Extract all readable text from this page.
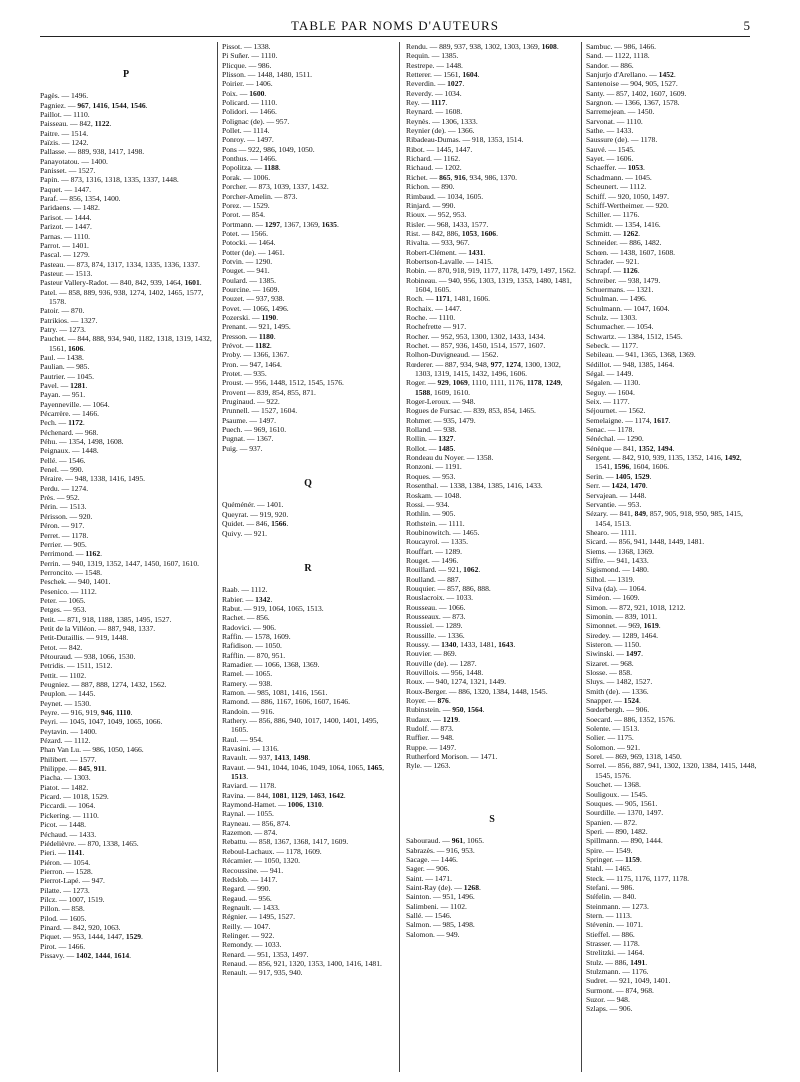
TABLE PAR NOMS D'AUTEURS	5
P
Pagès. — 1496.
Pagniez. — 967, 1416, 1544, 1546.
Paillot. — 1110.
Paisseau. — 842, 1122.
Paitre. — 1514.
Païzis. — 1242.
Pallasse. — 889, 938, 1417, 1498.
Panayotatou. — 1400.
Panisset. — 1527.
Papin. — 873, 1316, 1318, 1335, 1337, 1448.
Paquet. — 1447.
Paraf. — 856, 1354, 1400.
Paridaens. — 1482.
Parisot. — 1444.
Parizot. — 1447.
Parnas. — 1110.
Parrot. — 1401.
Pascal. — 1279.
Pasteau. — 873, 874, 1317, 1334, 1335, 1336, 1337.
Pasteur. — 1513.
Pasteur Vallery-Radot. — 840, 842, 939, 1464, 1601.
Patel. — 858, 889, 936, 938, 1274, 1402, 1465, 1577, 1578.
Patoir. — 870.
Patrikios. — 1327.
Patry. — 1273.
Pauchet. — 844, 888, 934, 940, 1182, 1318, 1319, 1432, 1561, 1606.
Paul. — 1438.
Paulian. — 985.
Pautrier. — 1045.
Pavel. — 1281.
Payan. — 951.
Payenneville. — 1064.
Pécarrère. — 1466.
Pech. — 1172.
Péchenard. — 968.
Péhu. — 1354, 1498, 1608.
Peignaux. — 1448.
Pellé. — 1546.
Penel. — 990.
Péraire. — 948, 1338, 1416, 1495.
Perdu. — 1274.
Près. — 952.
Périn. — 1513.
Périsson. — 920.
Péron. — 917.
Perret. — 1178.
Perrier. — 905.
Perrimond. — 1162.
Perrin. — 940, 1319, 1352, 1447, 1450, 1607, 1610.
Perroncito. — 1548.
Peschek. — 940, 1401.
Pesenico. — 1112.
Peter. — 1065.
Petges. — 953.
Petit. — 871, 918, 1188, 1385, 1495, 1527.
Petit de la Villéon. — 887, 948, 1337.
Petit-Dutaillis. — 919, 1448.
Petot. — 842.
Pétouraud. — 938, 1066, 1530.
Petridis. — 1511, 1512.
Pettit. — 1102.
Peugniez. — 887, 888, 1274, 1432, 1562.
Peuplon. — 1445.
Peynet. — 1530.
Peyre. — 916, 919, 946, 1110.
Peyri. — 1045, 1047, 1049, 1065, 1066.
Peytavin. — 1400.
Pézard. — 1112.
Phan Van Lu. — 986, 1050, 1466.
Philibert. — 1577.
Philippe. — 845, 911.
Piacha. — 1303.
Piatot. — 1482.
Picard. — 1018, 1529.
Piccardi. — 1064.
Pickering. — 1110.
Picot. — 1448.
Péchaud. — 1433.
Piédelièvre. — 870, 1338, 1465.
Pieri. — 1141.
Piéron. — 1054.
Pierron. — 1528.
Pierrot-Lapé. — 947.
Pilatte. — 1273.
Pilcz. — 1007, 1519.
Pillon. — 858.
Pilod. — 1605.
Pinard. — 842, 920, 1063.
Piquet. — 953, 1444, 1447, 1529.
Pirot. — 1466.
Pissavy. — 1402, 1444, 1614.
Pissot. — 1338.
Pi Suñer. — 1110.
Plicque. — 986.
Plisson. — 1448, 1480, 1511.
Poirier. — 1406.
Poix. — 1600.
Policard. — 1110.
Polidori. — 1466.
Polignac (de). — 957.
Pollet. — 1114.
Ponroy. — 1497.
Pons — 922, 986, 1049, 1050.
Ponthus. — 1466.
Popolitza. — 1188.
Porak. — 1006.
Porcher. — 873, 1039, 1337, 1432.
Porcher-Amelin. — 873.
Porez. — 1529.
Porot. — 854.
Portmann. — 1297, 1367, 1369, 1635.
Potet. — 1566.
Potocki. — 1464.
Potter (de). — 1461.
Potvin. — 1290.
Pouget. — 941.
Poulard. — 1385.
Pourcine. — 1609.
Pouzet. — 937, 938.
Povet. — 1066, 1496.
Pozerski. — 1190.
Prenant. — 921, 1495.
Presson. — 1180.
Prévot. — 1182.
Proby. — 1366, 1367.
Pron. — 947, 1464.
Protet. — 935.
Proust. — 956, 1448, 1512, 1545, 1576.
Provent — 839, 854, 855, 871.
Pruginaud. — 922.
Prunnell. — 1527, 1604.
Psaume. — 1497.
Puech. — 969, 1610.
Pugnat. — 1367.
Puig. — 937.
Q
Quéménér. — 1401.
Queyrat. — 919, 920.
Quidet. — 846, 1566.
Quivy. — 921.
R
Raab. — 1112.
Rabier. — 1342.
Rabut. — 919, 1064, 1065, 1513.
Rachet. — 856.
Radovici. — 906.
Raffin. — 1578, 1609.
Rafidison. — 1050.
Rafflin. — 870, 951.
Ramadier. — 1066, 1368, 1369.
Ramel. — 1065.
Ramery. — 938.
Ramon. — 985, 1081, 1416, 1561.
Ramond. — 886, 1167, 1606, 1607, 1646.
Randoin. — 916.
Rathery. — 856, 886, 940, 1017, 1400, 1401, 1495, 1605.
Raul. — 954.
Ravasini. — 1316.
Ravault. — 937, 1413, 1498.
Ravaut. — 941, 1044, 1046, 1049, 1064, 1065, 1465, 1513.
Raviard. — 1178.
Ravina. — 844, 1081, 1129, 1463, 1642.
Raymond-Hamet. — 1006, 1310.
Raynal. — 1055.
Rayneau. — 856, 874.
Razemon. — 874.
Rebattu. — 858, 1367, 1368, 1417, 1609.
Reboul-Lachaux. — 1178, 1609.
Récamier. — 1050, 1320.
Recoussine. — 941.
Redslob. — 1417.
Regard. — 990.
Regaud. — 956.
Regnault. — 1433.
Régnier. — 1495, 1527.
Reilly. — 1047.
Relinger. — 922.
Remondy. — 1033.
Renard. — 951, 1353, 1497.
Renaud. — 856, 921, 1320, 1353, 1400, 1416, 1481.
Renault. — 917, 935, 940.
Rendu. — 889, 937, 938, 1302, 1303, 1369, 1608.
Requin. — 1385.
Restrepe. — 1448.
Retterer. — 1561, 1604.
Reverdin. — 1027.
Reverdy. — 1034.
Rey. — 1117.
Reynard. — 1608.
Reynès. — 1306, 1333.
Reynier (de). — 1366.
Ribadeau-Dumas. — 918, 1353, 1514.
Ribot. — 1445, 1447.
Richard. — 1162.
Richaud. — 1202.
Richet. — 865, 916, 934, 986, 1370.
Richon. — 890.
Rimbaud. — 1034, 1605.
Rinjard. — 990.
Rioux. — 952, 953.
Risler. — 968, 1433, 1577.
Rist. — 842, 886, 1053, 1606.
Rivalta. — 933, 967.
Robert-Clément. — 1431.
Robertson-Lavalle. — 1415.
Robin. — 870, 918, 919, 1177, 1178, 1479, 1497, 1562.
Robineau. — 940, 956, 1303, 1319, 1353, 1480, 1481, 1604, 1605.
Roch. — 1171, 1481, 1606.
Rochaix. — 1447.
Roche. — 1110.
Rochefrette — 917.
Rocher. — 952, 953, 1300, 1302, 1433, 1434.
Rochet. — 857, 936, 1450, 1514, 1577, 1607.
Rolhon-Duvigneaud. — 1562.
Rœderer. — 887, 934, 948, 977, 1274, 1300, 1302, 1303, 1319, 1415, 1432, 1496, 1606.
Roger. — 929, 1069, 1110, 1111, 1176, 1178, 1249, 1588, 1609, 1610.
Roger-Leroux. — 948.
Rogues de Fursac. — 839, 853, 854, 1465.
Rohmer. — 935, 1479.
Rolland. — 938.
Rollin. — 1327.
Rollot. — 1485.
Rondeau du Noyer. — 1358.
Ronzoni. — 1191.
Roques. — 953.
Rosenthal. — 1338, 1384, 1385, 1416, 1433.
Roskam. — 1048.
Rossi. — 934.
Rothlin. — 905.
Rothstein. — 1111.
Roubinowitch. — 1465.
Roucayrol. — 1335.
Rouffart. — 1289.
Rouget. — 1496.
Rouillard. — 921, 1062.
Roulland. — 887.
Rouquier. — 857, 886, 888.
Rouslacroix. — 1033.
Rousseau. — 1066.
Rousseaux. — 873.
Roussiel. — 1289.
Roussille. — 1336.
Roussy. — 1340, 1433, 1481, 1643.
Rouvier. — 869.
Rouville (de). — 1287.
Rouvillois. — 956, 1448.
Roux. — 940, 1274, 1321, 1449.
Roux-Berger. — 886, 1320, 1384, 1448, 1545.
Royer. — 876.
Rubinstein. — 950, 1564.
Rudaux. — 1219.
Rudolf. — 873.
Ruffier. — 948.
Ruppe. — 1497.
Rutherford Morison. — 1471.
Ryle. — 1263.
S
Sabouraud. — 961, 1065.
Sabrazès. — 916, 953.
Sacage. — 1446.
Sager. — 906.
Saint. — 1471.
Saint-Ray (de). — 1268.
Sainton. — 951, 1496.
Salimbeni. — 1102.
Sallé. — 1546.
Salmon. — 985, 1498.
Salomon. — 949.
Sambuc. — 986, 1466.
Sand. — 1122, 1118.
Sandor. — 886.
Sanjurjo d'Arellano. — 1452.
Santenoise — 904, 905, 1527.
Santy. — 857, 1402, 1607, 1609.
Sargnon. — 1366, 1367, 1578.
Sarremejean. — 1450.
Sarvonat. — 1110.
Sathe. — 1433.
Saussure (de). — 1178.
Sauvé. — 1545.
Sayet. — 1606.
Schaeffer. — 1053.
Schadmann. — 1045.
Scheunert. — 1112.
Schiff. — 920, 1050, 1497.
Schiff-Wertheimer. — 920.
Schiller. — 1176.
Schmidt. — 1354, 1416.
Schmitt. — 1262.
Schneider. — 886, 1482.
Schœn. — 1438, 1607, 1608.
Schrader. — 921.
Schrapf. — 1126.
Schreiber. — 938, 1479.
Schuermans. — 1321.
Schulman. — 1496.
Schulmann. — 1047, 1604.
Schulz. — 1303.
Schumacher. — 1054.
Schwartz. — 1384, 1512, 1545.
Sebeck. — 1177.
Sebileau. — 941, 1365, 1368, 1369.
Sédillot. — 948, 1385, 1464.
Ségal. — 1449.
Ségalen. — 1130.
Seguy. — 1604.
Seix. — 1177.
Séjournet. — 1562.
Semelaigne. — 1174, 1617.
Senac. — 1178.
Sénéchal. — 1290.
Sénèque — 841, 1352, 1494.
Sergent. — 842, 910, 939, 1135, 1352, 1416, 1492, 1541, 1596, 1604, 1606.
Serin. — 1405, 1529.
Serr. — 1424, 1470.
Servajean. — 1448.
Servantie. — 953.
Sézary. — 841, 849, 857, 905, 918, 950, 985, 1415, 1454, 1513.
Shearo. — 1111.
Sicard. — 856, 941, 1448, 1449, 1481.
Siems. — 1368, 1369.
Siffre. — 941, 1433.
Sigismond. — 1480.
Silhol. — 1319.
Silva (da). — 1064.
Siméon. — 1609.
Simon. — 872, 921, 1018, 1212.
Simonin. — 839, 1011.
Simonnet. — 969, 1619.
Siredey. — 1289, 1464.
Sisteron. — 1150.
Siwinski. — 1497.
Sizaret. — 968.
Slosse. — 858.
Sluys. — 1482, 1527.
Smith (de). — 1336.
Snapper. — 1524.
Sœderbergh. — 906.
Soecard. — 886, 1352, 1576.
Solente. — 1513.
Solier. — 1175.
Solomon. — 921.
Sorel. — 869, 969, 1318, 1450.
Sorrel. — 856, 887, 941, 1302, 1320, 1384, 1415, 1448, 1545, 1576.
Souchet. — 1368.
Souligoux. — 1545.
Souques. — 905, 1561.
Sourdille. — 1370, 1497.
Spanien. — 872.
Speri. — 890, 1482.
Spillmann. — 890, 1444.
Spire. — 1549.
Springer. — 1159.
Stahl. — 1465.
Steck. — 1175, 1176, 1177, 1178.
Stefani. — 986.
Stéfelin. — 840.
Steinmann. — 1273.
Stern. — 1113.
Stévenin. — 1071.
Stieffel. — 886.
Strasser. — 1178.
Strelitzki. — 1464.
Stulz. — 886, 1491.
Stulzmann. — 1176.
Sudret. — 921, 1049, 1401.
Surmont. — 874, 968.
Suzor. — 948.
Szlaps. — 906.
